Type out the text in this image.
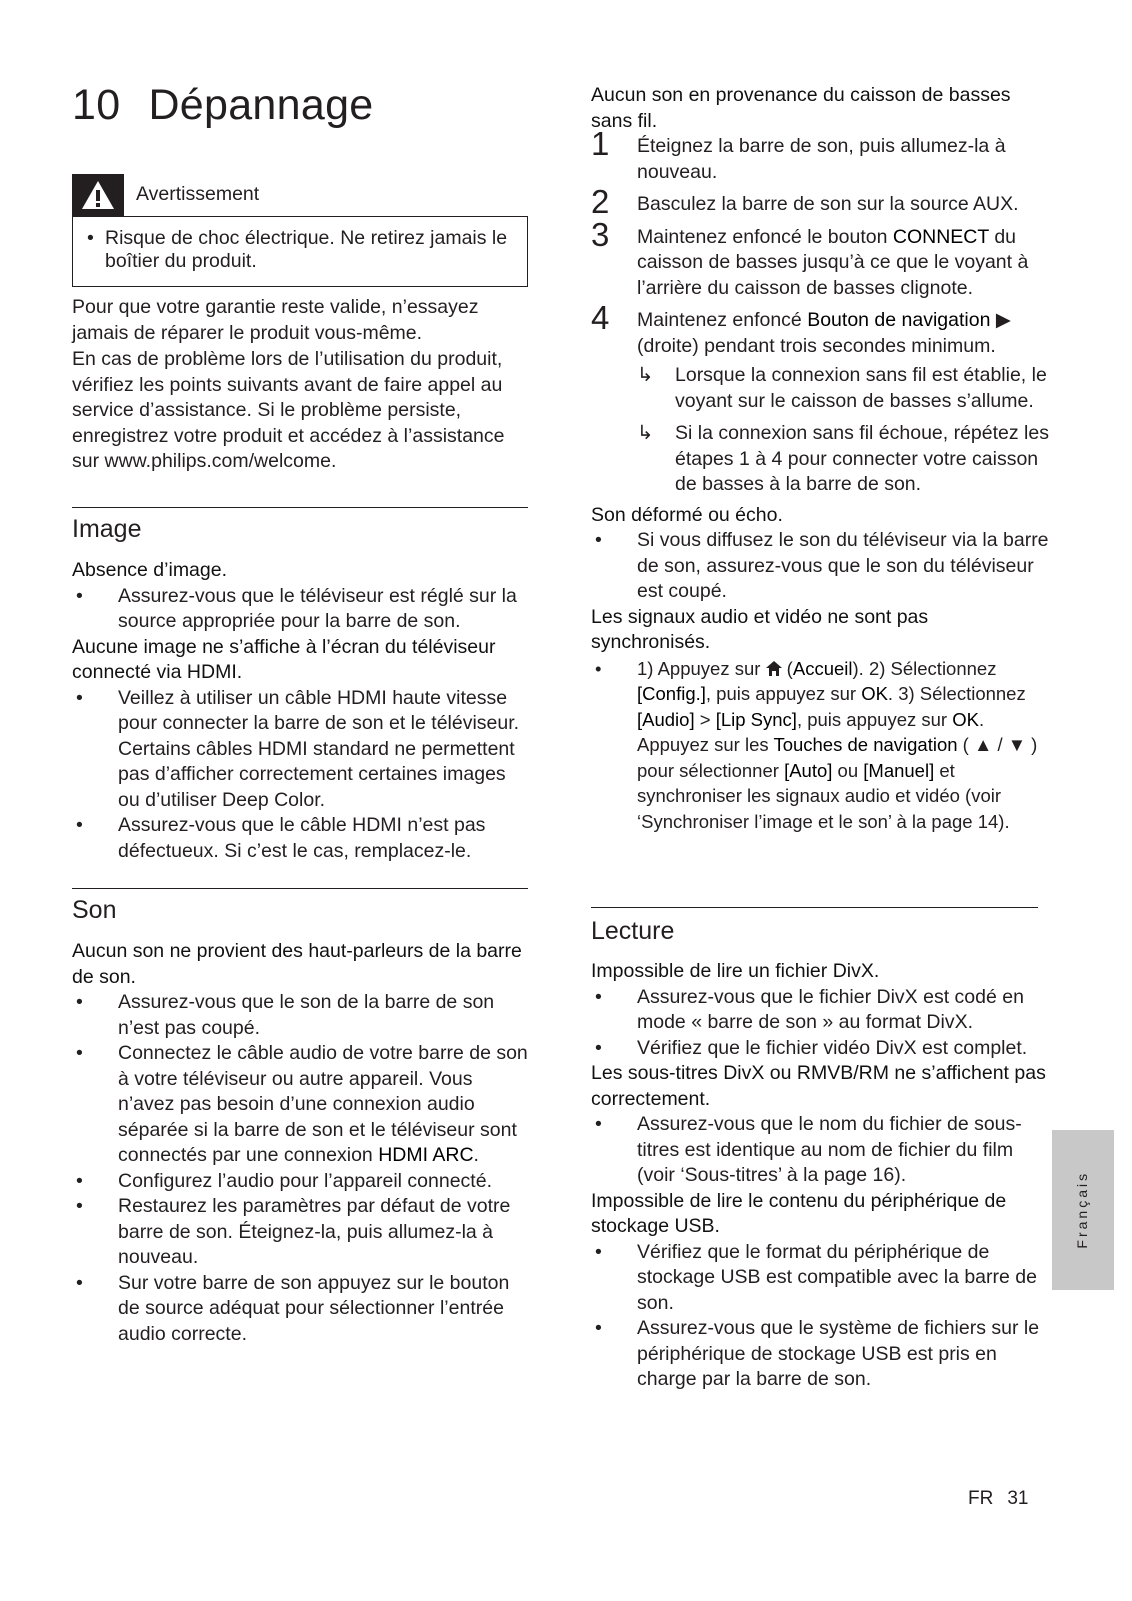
10 Dépannage
Avertissement
• Risque de choc électrique. Ne retirez jamais le boîtier du produit.

Pour que votre garantie reste valide, n’essayez jamais de réparer le produit vous-même.

En cas de problème lors de l’utilisation du produit, vérifiez les points suivants avant de faire appel au service d’assistance. Si le problème persiste, enregistrez votre produit et accédez à l’assistance sur www.philips.com/welcome.

Image

Absence d’image.

• Assurez-vous que le téléviseur est réglé sur la source appropriée pour la barre de son.

Aucune image ne s’affiche à l’écran du téléviseur connecté via HDMI.

• Veillez à utiliser un câble HDMI haute vitesse pour connecter la barre de son et le téléviseur. Certains câbles HDMI standard ne permettent pas d’afficher correctement certaines images ou d’utiliser Deep Color.
• Assurez-vous que le câble HDMI n’est pas défectueux. Si c’est le cas, remplacez-le.
Son

Aucun son ne provient des haut-parleurs de la barre de son.

• Assurez-vous que le son de la barre de son n’est pas coupé.
• Connectez le câble audio de votre barre de son à votre téléviseur ou autre appareil. Vous n’avez pas besoin d’une connexion audio séparée si la barre de son et le téléviseur sont connectés par une connexion HDMI ARC.
• Configurez l’audio pour l’appareil connecté.
• Restaurez les paramètres par défaut de votre barre de son. Éteignez-la, puis allumez-la à nouveau.
• Sur votre barre de son appuyez sur le bouton de source adéquat pour sélectionner l’entrée audio correcte.

Aucun son en provenance du caisson de basses sans fil.

1 Éteignez la barre de son, puis allumez-la à nouveau.
2 Basculez la barre de son sur la source AUX.
3 Maintenez enfoncé le bouton CONNECT du caisson de basses jusqu’à ce que le voyant à l’arrière du caisson de basses clignote.
4 Maintenez enfoncé Bouton de navigation ▶ (droite) pendant trois secondes minimum.
↳ Lorsque la connexion sans fil est établie, le voyant sur le caisson de basses s’allume.
↳ Si la connexion sans fil échoue, répétez les étapes 1 à 4 pour connecter votre caisson de basses à la barre de son.

Son déformé ou écho.

• Si vous diffusez le son du téléviseur via la barre de son, assurez-vous que le son du téléviseur est coupé.

Les signaux audio et vidéo ne sont pas synchronisés.

• 1) Appuyez sur  (Accueil). 2) Sélectionnez [Config.], puis appuyez sur OK. 3) Sélectionnez [Audio] > [Lip Sync], puis appuyez sur OK. Appuyez sur les Touches de navigation ( ▲ / ▼ ) pour sélectionner [Auto] ou [Manuel] et synchroniser les signaux audio et vidéo (voir ‘Synchroniser l’image et le son’ à la page 14).
Lecture

Impossible de lire un fichier DivX.

• Assurez-vous que le fichier DivX est codé en mode « barre de son » au format DivX.
• Vérifiez que le fichier vidéo DivX est complet.

Les sous-titres DivX ou RMVB/RM ne s’affichent pas correctement.

• Assurez-vous que le nom du fichier de sous-titres est identique au nom de fichier du film (voir ‘Sous-titres’ à la page 16).

Impossible de lire le contenu du périphérique de stockage USB.

• Vérifiez que le format du périphérique de stockage USB est compatible avec la barre de son.
• Assurez-vous que le système de fichiers sur le périphérique de stockage USB est pris en charge par la barre de son.
Français
FR 31
